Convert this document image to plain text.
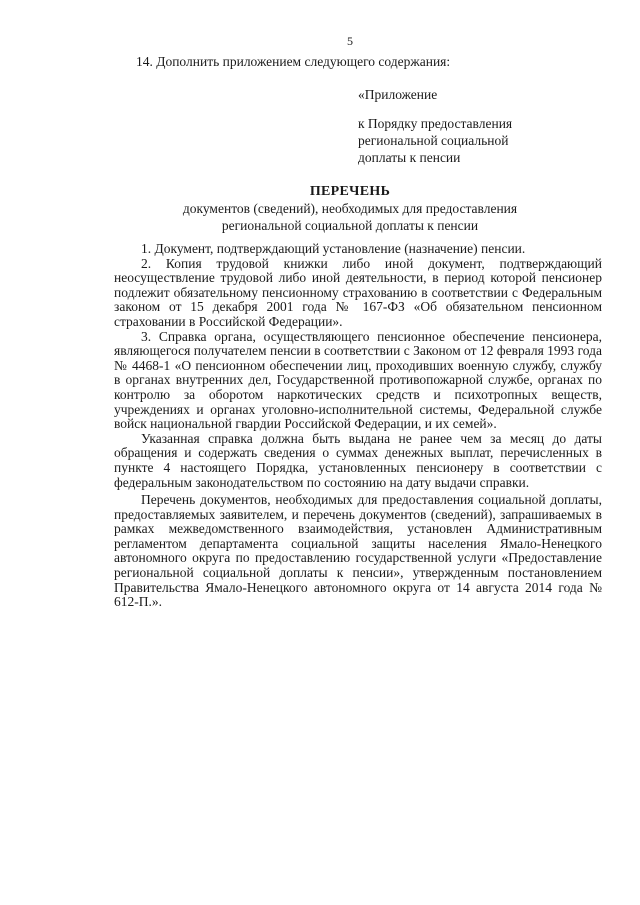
5
14. Дополнить приложением следующего содержания:
«Приложение
к Порядку предоставления
региональной социальной
доплаты к пенсии
ПЕРЕЧЕНЬ
документов (сведений), необходимых для предоставления
региональной социальной доплаты к пенсии

1. Документ, подтверждающий установление (назначение) пенсии.

2. Копия трудовой книжки либо иной документ, подтверждающий неосуществление трудовой либо иной деятельности, в период которой пенсионер подлежит обязательному пенсионному страхованию в соответствии с Федеральным законом от 15 декабря 2001 года № 167-ФЗ «Об обязательном пенсионном страховании в Российской Федерации».

3. Справка органа, осуществляющего пенсионное обеспечение пенсионера, являющегося получателем пенсии в соответствии с Законом от 12 февраля 1993 года № 4468-1 «О пенсионном обеспечении лиц, проходивших военную службу, службу в органах внутренних дел, Государственной противопожарной службе, органах по контролю за оборотом наркотических средств и психотропных веществ, учреждениях и органах уголовно-исполнительной системы, Федеральной службе войск национальной гвардии Российской Федерации, и их семей».

Указанная справка должна быть выдана не ранее чем за месяц до даты обращения и содержать сведения о суммах денежных выплат, перечисленных в пункте 4 настоящего Порядка, установленных пенсионеру в соответствии с федеральным законодательством по состоянию на дату выдачи справки.

Перечень документов, необходимых для предоставления социальной доплаты, предоставляемых заявителем, и перечень документов (сведений), запрашиваемых в рамках межведомственного взаимодействия, установлен Административным регламентом департамента социальной защиты населения Ямало-Ненецкого автономного округа по предоставлению государственной услуги «Предоставление региональной социальной доплаты к пенсии», утвержденным постановлением Правительства Ямало-Ненецкого автономного округа от 14 августа 2014 года № 612-П.».
